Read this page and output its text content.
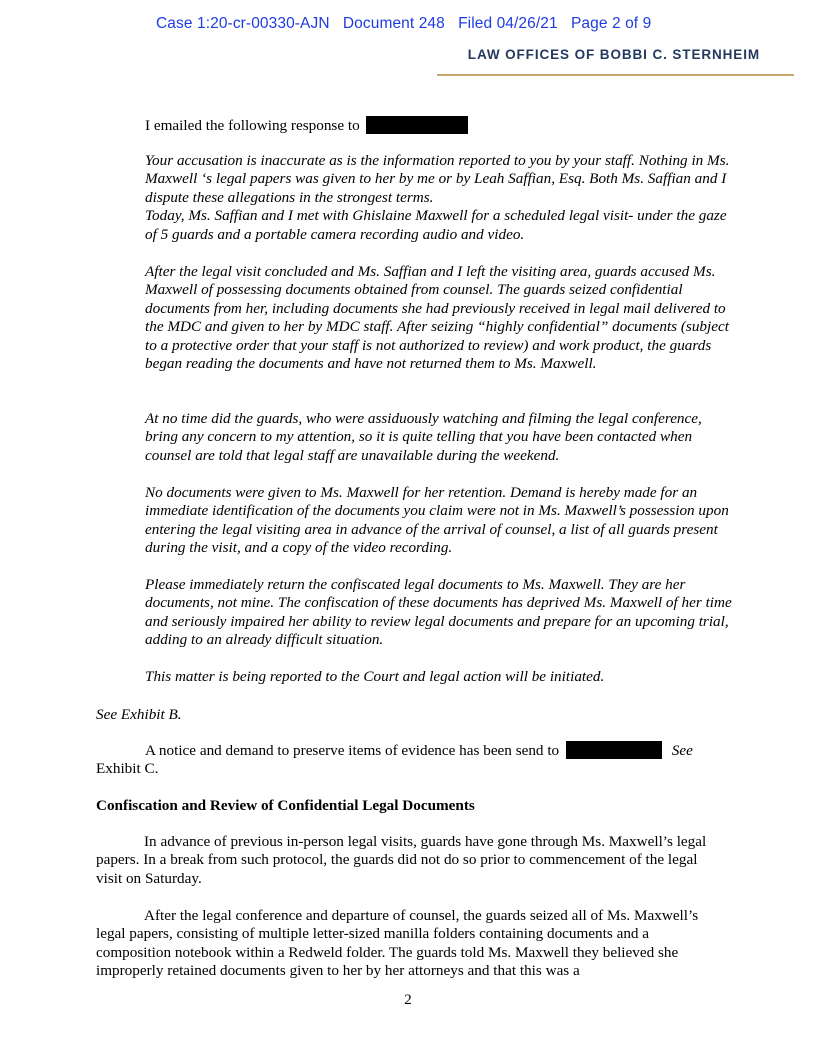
Case 1:20-cr-00330-AJN   Document 248   Filed 04/26/21   Page 2 of 9
LAW OFFICES OF BOBBI C. STERNHEIM
I emailed the following response to
Your accusation is inaccurate as is the information reported to you by your staff. Nothing in Ms. Maxwell ‘s legal papers was given to her by me or by Leah Saffian, Esq. Both Ms. Saffian and I dispute these allegations in the strongest terms.
Today, Ms. Saffian and I met with Ghislaine Maxwell for a scheduled legal visit- under the gaze of 5 guards and a portable camera recording audio and video.
After the legal visit concluded and Ms. Saffian and I left the visiting area, guards accused Ms. Maxwell of possessing documents obtained from counsel. The guards seized confidential documents from her, including documents she had previously received in legal mail delivered to the MDC and given to her by MDC staff. After seizing “highly confidential” documents (subject to a protective order that your staff is not authorized to review) and work product, the guards began reading the documents and have not returned them to Ms. Maxwell.
At no time did the guards, who were assiduously watching and filming the legal conference, bring any concern to my attention, so it is quite telling that you have been contacted when counsel are told that legal staff are unavailable during the weekend.
No documents were given to Ms. Maxwell for her retention. Demand is hereby made for an immediate identification of the documents you claim were not in Ms. Maxwell’s possession upon entering the legal visiting area in advance of the arrival of counsel, a list of all guards present during the visit, and a copy of the video recording.
Please immediately return the confiscated legal documents to Ms. Maxwell. They are her documents, not mine. The confiscation of these documents has deprived Ms. Maxwell of her time and seriously impaired her ability to review legal documents and prepare for an upcoming trial, adding to an already difficult situation.
This matter is being reported to the Court and legal action will be initiated.
See Exhibit B.
A notice and demand to preserve items of evidence has been send to	See
Exhibit C.
Confiscation and Review of Confidential Legal Documents
In advance of previous in-person legal visits, guards have gone through Ms. Maxwell’s legal papers. In a break from such protocol, the guards did not do so prior to commencement of the legal visit on Saturday.
After the legal conference and departure of counsel, the guards seized all of Ms. Maxwell’s legal papers, consisting of multiple letter-sized manilla folders containing documents and a composition notebook within a Redweld folder. The guards told Ms. Maxwell they believed she improperly retained documents given to her by her attorneys and that this was a
2
